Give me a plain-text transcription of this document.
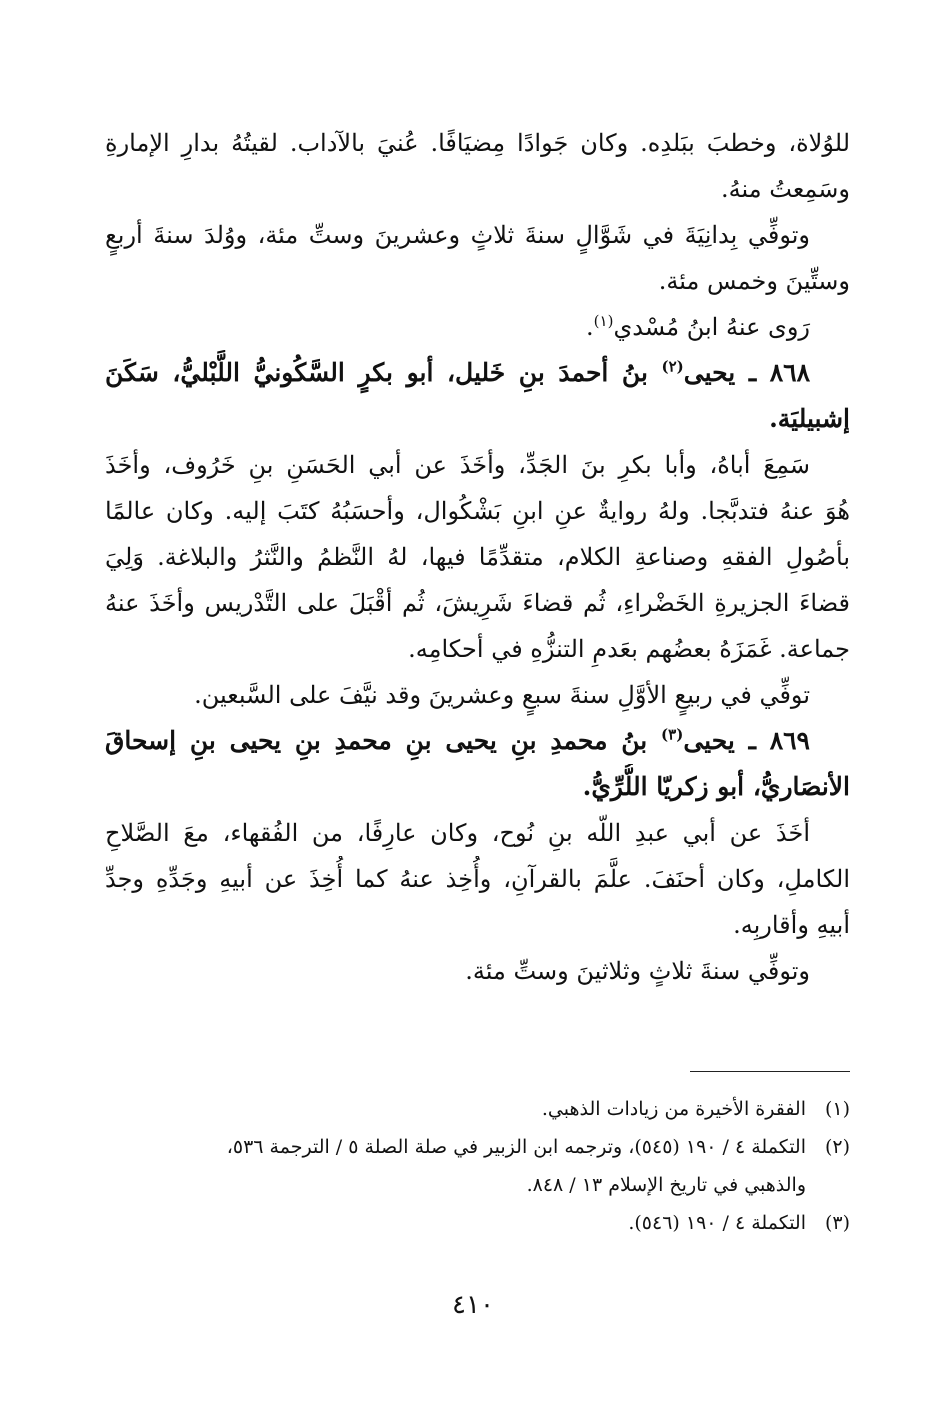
للوُلاة، وخطبَ ببَلدِه. وكان جَوادًا مِضيَافًا. عُنيَ بالآداب. لقيتُهُ بدارِ الإمارةِ
وسَمِعتُ منهُ.
وتوفِّي بِدانِيَةَ في شَوَّالٍ سنةَ ثلاثٍ وعشرينَ وستِّ مئة، ووُلدَ سنةَ أربعٍ
وستِّينَ وخمس مئة.
رَوى عنهُ ابنُ مُسْدي$^{(١)}$.
٨٦٨ ـ يحيى$^{(٢)}$ بنُ أحمدَ بنِ خَليل، أبو بكرٍ السَّكُونيُّ اللَّبْليُّ، سَكَنَ
إشبيليَة.
سَمِعَ أباهُ، وأبا بكرِ بنَ الجَدِّ، وأخَذَ عن أبي الحَسَنِ بنِ خَرُوف، وأخَذَ
هُوَ عنهُ فتدبَّجا. ولهُ روايةٌ عنِ ابنِ بَشْكُوال، وأحسَبُهُ كتَبَ إليه. وكان عالمًا
بأصُولِ الفقهِ وصناعةِ الكلام، متقدِّمًا فيها، لهُ النَّظمُ والنَّثرُ والبلاغة. وَلِيَ
قضاءَ الجزيرةِ الخَضْراءِ، ثُم قضاءَ شَرِيشَ، ثُم أقْبَلَ على التَّدْريس وأخَذَ عنهُ
جماعة. غَمَزَهُ بعضُهم بعَدمِ التنزُّهِ في أحكامِه.
توفِّي في ربيعٍ الأوَّلِ سنةَ سبعٍ وعشرينَ وقد نيَّفَ على السَّبعين.
٨٦٩ ـ يحيى$^{(٣)}$ بنُ محمدِ بنِ يحيى بنِ محمدِ بنِ يحيى بنِ إسحاقَ
الأنصَاريُّ، أبو زكريّا اللُّرِّيُّ.
أخَذَ عن أبي عبدِ اللّه بنِ نُوح، وكان عارِفًا، من الفُقهاء، معَ الصَّلاحِ
الكاملِ، وكان أحنَفَ. علَّمَ بالقرآنِ، وأُخِذ عنهُ كما أُخِذَ عن أبيهِ وجَدِّهِ وجدِّ
أبيهِ وأقاربِه.
وتوفِّي سنةَ ثلاثٍ وثلاثينَ وستِّ مئة.
(١)الفقرة الأخيرة من زيادات الذهبي.
(٢)التكملة ٤ / ١٩٠ (٥٤٥)، وترجمه ابن الزبير في صلة الصلة ٥ / الترجمة ٥٣٦،
والذهبي في تاريخ الإسلام ١٣ / ٨٤٨.
(٣)التكملة ٤ / ١٩٠ (٥٤٦).
٤١٠
